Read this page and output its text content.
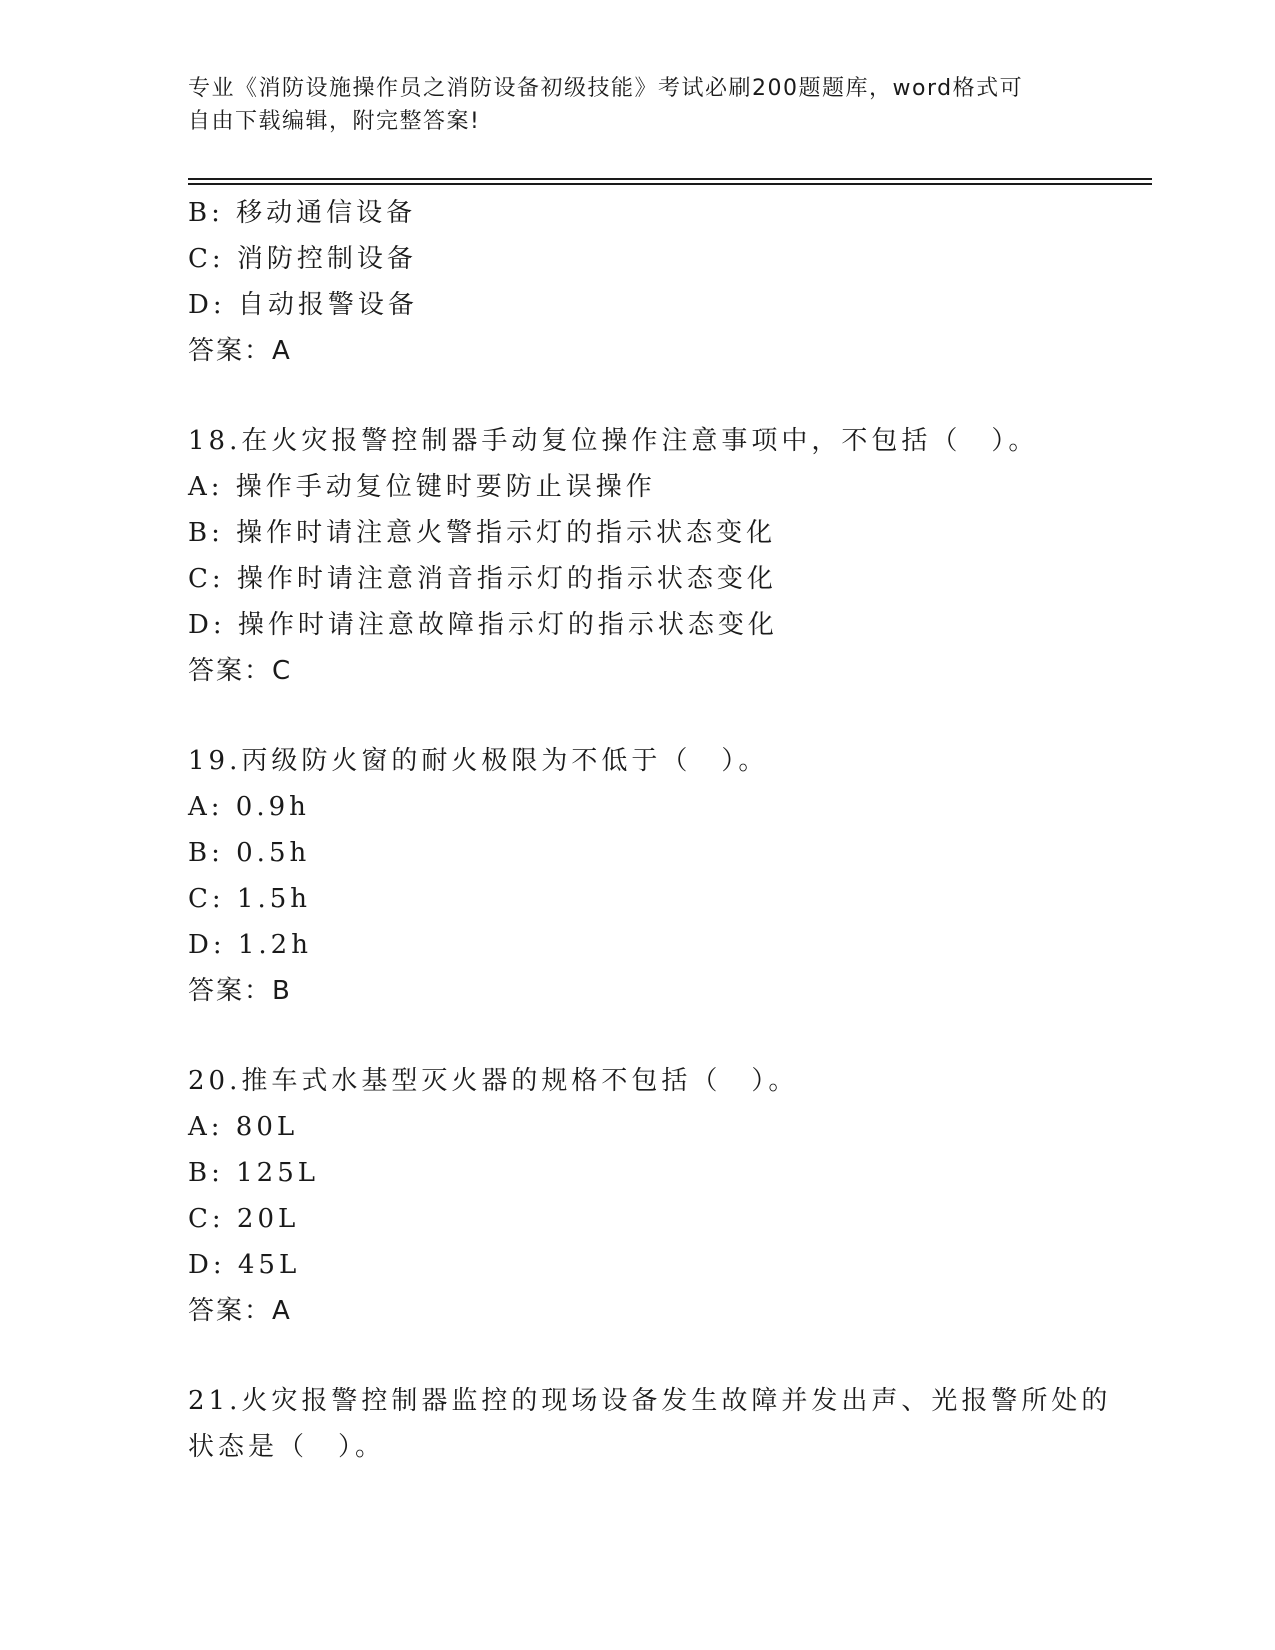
专业《消防设施操作员之消防设备初级技能》考试必刷200题题库，word格式可
自由下载编辑，附完整答案!
B: 移动通信设备
C: 消防控制设备
D: 自动报警设备
答案：A
18.在火灾报警控制器手动复位操作注意事项中，不包括（　）。
A: 操作手动复位键时要防止误操作
B: 操作时请注意火警指示灯的指示状态变化
C: 操作时请注意消音指示灯的指示状态变化
D: 操作时请注意故障指示灯的指示状态变化
答案：C
19.丙级防火窗的耐火极限为不低于（　）。
A: 0.9h
B: 0.5h
C: 1.5h
D: 1.2h
答案：B
20.推车式水基型灭火器的规格不包括（　）。
A: 80L
B: 125L
C: 20L
D: 45L
答案：A
21.火灾报警控制器监控的现场设备发生故障并发出声、光报警所处的
状态是（　）。
